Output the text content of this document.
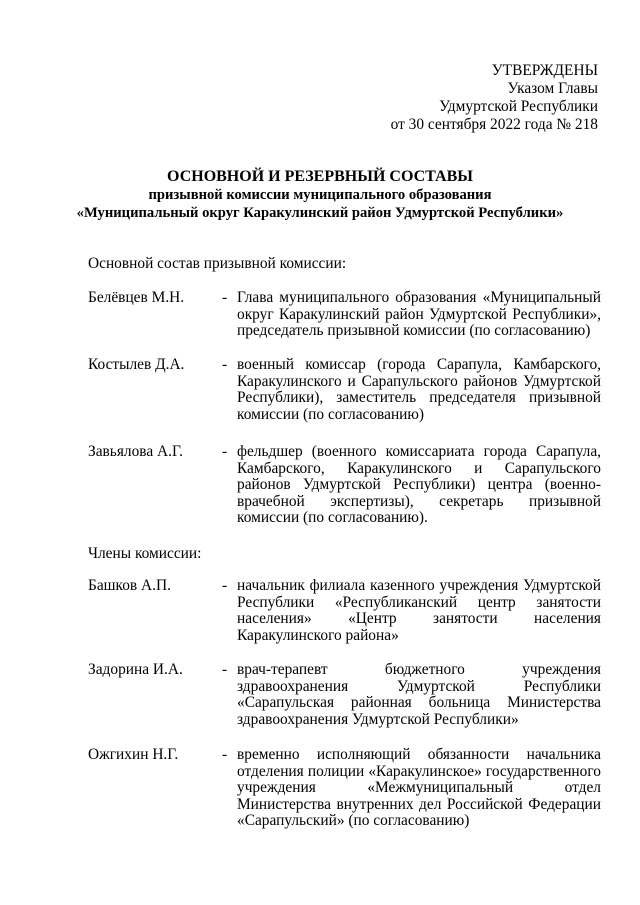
УТВЕРЖДЕНЫ
Указом Главы
Удмуртской Республики
от 30 сентября 2022 года № 218
ОСНОВНОЙ И РЕЗЕРВНЫЙ СОСТАВЫ
призывной комиссии муниципального образования
«Муниципальный округ Каракулинский район Удмуртской Республики»
Основной состав призывной комиссии:
Белёвцев М.Н. - Глава муниципального образования «Муниципальный округ Каракулинский район Удмуртской Республики», председатель призывной комиссии (по согласованию)
Костылев Д.А. - военный комиссар (города Сарапула, Камбарского, Каракулинского и Сарапульского районов Удмуртской Республики), заместитель председателя призывной комиссии (по согласованию)
Завьялова А.Г.	- фельдшер (военного комиссариата города Сарапула, Камбарского, Каракулинского и Сарапульского районов Удмуртской Республики) центра (военно-врачебной экспертизы), секретарь призывной комиссии (по согласованию).
Члены комиссии:
Башков А.П.	- начальник филиала казенного учреждения Удмуртской Республики «Республиканский центр занятости населения» «Центр занятости населения Каракулинского района»
Задорина И.А.	- врач-терапевт бюджетного учреждения здравоохранения Удмуртской Республики «Сарапульская районная больница Министерства здравоохранения Удмуртской Республики»
Ожгихин Н.Г.	- временно исполняющий обязанности начальника отделения полиции «Каракулинское» государственного учреждения «Межмуниципальный отдел Министерства внутренних дел Российской Федерации «Сарапульский» (по согласованию)
